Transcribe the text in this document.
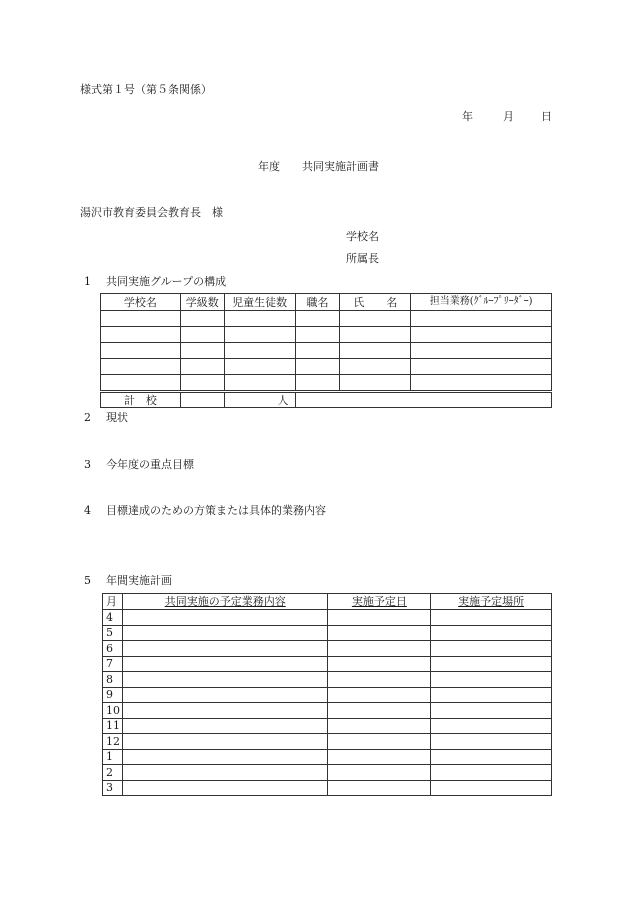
様式第１号（第５条関係）
年	月 日
年度　　共同実施計画書
湯沢市教育委員会教育長　様
学校名
所属長
1 共同実施グループの構成
2 現状
3 今年度の重点目標
4 目標達成のための方策または具体的業務内容
5 年間実施計画
学校名	学級数	児童生徒数	職名	氏　　名	担当業務(ｸﾞﾙｰﾌﾟﾘｰﾀﾞｰ)

計　校		人			
月	共同実施の予定業務内容	実施予定日	実施予定場所
4			
5			
6			
7			
8			
9			
10			
11			
12			
1			
2			
3			
